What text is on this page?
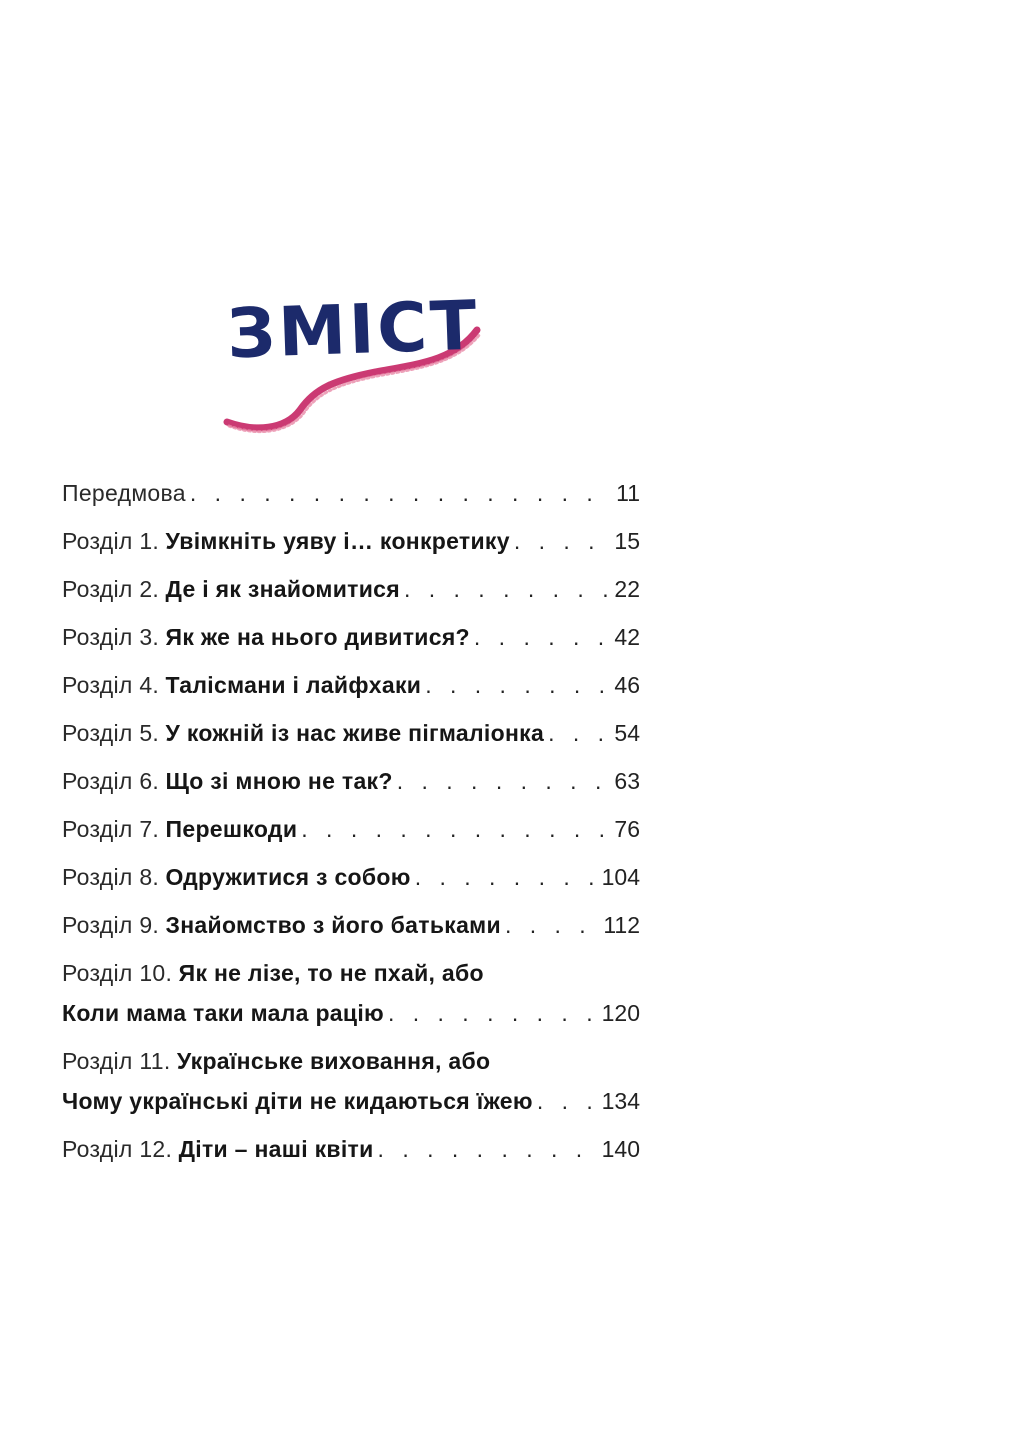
ЗМІСТ
Передмова . . .	11
Розділ 1.
Увімкніть уяву і… конкретику . . .	15
Розділ 2.
Де і як знайомитися . . .	22
Розділ 3.
Як же на нього дивитися? . . .	42
Розділ 4.
Талісмани і лайфхаки . . .	46
Розділ 5.
У кожній із нас живе пігмаліонка . . .	54
Розділ 6.
Що зі мною не так? . . .	63
Розділ 7.
Перешкоди . . .	76
Розділ 8.
Одружитися з собою . . .	104
Розділ 9.
Знайомство з його батьками . . .	112
Розділ 10.
Як не лізе, то не пхай, або
Коли мама таки мала рацію . . .	120
Розділ 11.
Українське виховання, або
Чому українські діти не кидаються їжею . . .	134
Розділ 12.
Діти – наші квіти . . .	140
